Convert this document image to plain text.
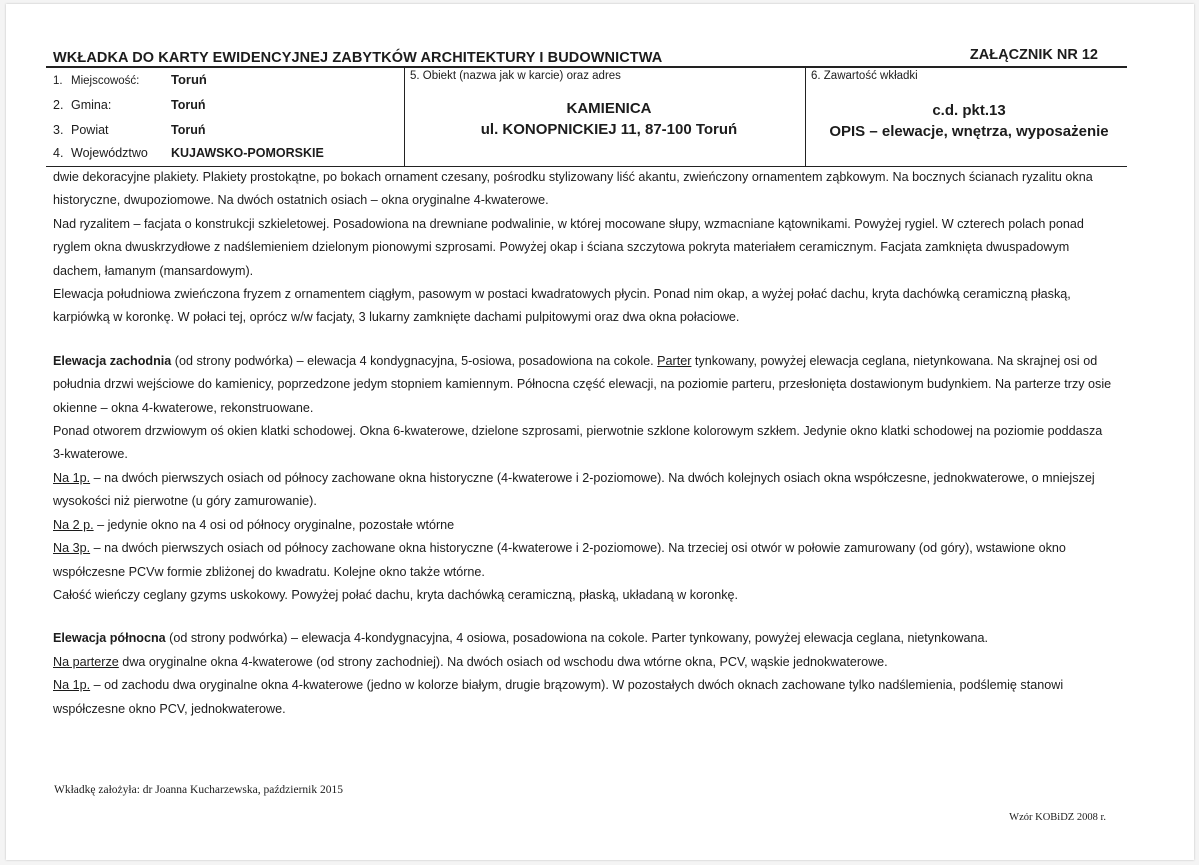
WKŁADKA DO KARTY EWIDENCYJNEJ ZABYTKÓW ARCHITEKTURY I BUDOWNICTWA	ZAŁĄCZNIK NR 12
1. Miejscowość: Toruń
2. Gmina:	Toruń
3. Powiat	Toruń
4. Województwo KUJAWSKO-POMORSKIE
5. Obiekt (nazwa jak w karcie) oraz adres
KAMIENICA
ul. KONOPNICKIEJ 11, 87-100 Toruń
6. Zawartość wkładki
c.d. pkt.13
OPIS – elewacje, wnętrza, wyposażenie

dwie dekoracyjne plakiety. Plakiety prostokątne, po bokach ornament czesany, pośrodku stylizowany liść akantu, zwieńczony ornamentem ząbkowym. Na bocznych ścianach ryzalitu okna historyczne, dwupoziomowe. Na dwóch ostatnich osiach – okna oryginalne 4-kwaterowe.

Nad ryzalitem – facjata o konstrukcji szkieletowej. Posadowiona na drewniane podwalinie, w której mocowane słupy, wzmacniane kątownikami. Powyżej rygiel. W czterech polach ponad ryglem okna dwuskrzydłowe z nadślemieniem dzielonym pionowymi szprosami. Powyżej okap i ściana szczytowa pokryta materiałem ceramicznym. Facjata zamknięta dwuspadowym dachem, łamanym (mansardowym).

Elewacja południowa zwieńczona fryzem z ornamentem ciągłym, pasowym w postaci kwadratowych płycin. Ponad nim okap, a wyżej połać dachu, kryta dachówką ceramiczną płaską, karpiówką w koronkę. W połaci tej, oprócz w/w facjaty, 3 lukarny zamknięte dachami pulpitowymi oraz dwa okna połaciowe.

Elewacja zachodnia (od strony podwórka) – elewacja 4 kondygnacyjna, 5-osiowa, posadowiona na cokole. Parter tynkowany, powyżej elewacja ceglana, nietynkowana. Na skrajnej osi od południa drzwi wejściowe do kamienicy, poprzedzone jedym stopniem kamiennym. Północna część elewacji, na poziomie parteru, przesłonięta dostawionym budynkiem. Na parterze trzy osie okienne – okna 4-kwaterowe, rekonstruowane.

Ponad otworem drzwiowym oś okien klatki schodowej. Okna 6-kwaterowe, dzielone szprosami, pierwotnie szklone kolorowym szkłem. Jedynie okno klatki schodowej na poziomie poddasza 3-kwaterowe.

Na 1p. – na dwóch pierwszych osiach od północy zachowane okna historyczne (4-kwaterowe i 2-poziomowe). Na dwóch kolejnych osiach okna współczesne, jednokwaterowe, o mniejszej wysokości niż pierwotne (u góry zamurowanie).

Na 2 p. – jedynie okno na 4 osi od północy oryginalne, pozostałe wtórne

Na 3p. – na dwóch pierwszych osiach od północy zachowane okna historyczne (4-kwaterowe i 2-poziomowe). Na trzeciej osi otwór w połowie zamurowany (od góry), wstawione okno współczesne PCVw formie zbliżonej do kwadratu. Kolejne okno także wtórne.

Całość wieńczy ceglany gzyms uskokowy. Powyżej połać dachu, kryta dachówką ceramiczną, płaską, układaną w koronkę.

Elewacja północna (od strony podwórka) – elewacja 4-kondygnacyjna, 4 osiowa, posadowiona na cokole. Parter tynkowany, powyżej elewacja ceglana, nietynkowana.

Na parterze dwa oryginalne okna 4-kwaterowe (od strony zachodniej). Na dwóch osiach od wschodu dwa wtórne okna, PCV, wąskie jednokwaterowe.

Na 1p. – od zachodu dwa oryginalne okna 4-kwaterowe (jedno w kolorze białym, drugie brązowym). W pozostałych dwóch oknach zachowane tylko nadślemienia, podślemię stanowi współczesne okno PCV, jednokwaterowe.

Wkładkę założyła: dr Joanna Kucharzewska, październik 2015
Wzór KOBiDZ 2008 r.
